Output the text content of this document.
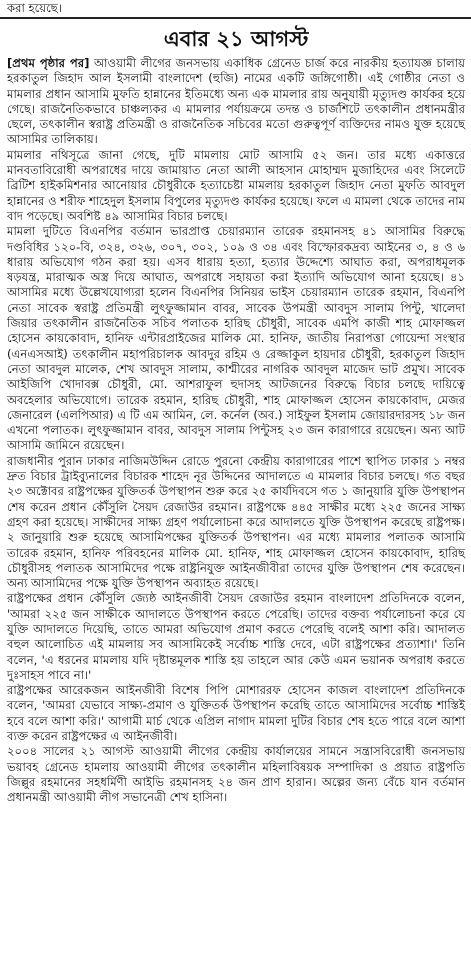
করা হয়েছে।
এবার ২১ আগস্ট

[প্রথম পৃষ্ঠার পর] আওয়ামী লীগের জনসভায় একাধিক গ্রেনেড চার্জ করে নারকীয় হত্যাযজ্ঞ চালায় হরকাতুল জিহাদ আল ইসলামী বাংলাদেশ (হুজি) নামের একটি জঙ্গিগোষ্ঠী। এই গোষ্ঠীর নেতা ও মামলার প্রধান আসামি মুফতি হান্নানের ইতিমধ্যে অন্য এক মামলার রায় অনুযায়ী মৃত্যুদণ্ড কার্যকর হয়ে গেছে। রাজনৈতিকভাবে চাঞ্চল্যকর এ মামলার পর্যায়ক্রমে তদন্ত ও চার্জশিটে তৎকালীন প্রধানমন্ত্রীর ছেলে, তৎকালীন স্বরাষ্ট্র প্রতিমন্ত্রী ও রাজনৈতিক সচিবের মতো গুরুত্বপূর্ণ ব্যক্তিদের নামও যুক্ত হয়েছে আসামির তালিকায়।

মামলার নথিসূত্রে জানা গেছে, দুটি মামলায় মোট আসামি ৫২ জন। তার মধ্যে একাত্তরে মানবতাবিরোধী অপরাধের দায়ে জামায়াত নেতা আলী আহসান মোহাম্মদ মুজাহিদের এবং সিলেটে ব্রিটিশ হাইকমিশনার আনোয়ার চৌধুরীকে হত্যাচেষ্টা মামলায় হরকাতুল জিহাদ নেতা মুফতি আবদুল হান্নানের ও শরীফ শাহেদুল ইসলাম বিপুলের মৃত্যুদণ্ড কার্যকর হয়েছে। ফলে এ মামলা থেকে তাদের নাম বাদ পড়েছে। অবশিষ্ট ৪৯ আসামির বিচার চলছে।

মামলা দুটিতে বিএনপির বর্তমান ভারপ্রাপ্ত চেয়ারম্যান তারেক রহমানসহ ৪১ আসামির বিরুদ্ধে দণ্ডবিধির ১২০-বি, ৩২৪, ৩২৬, ৩০৭, ৩০২, ১০৯ ও ৩৪ এবং বিস্ফোরকদ্রব্য আইনের ৩, ৪ ও ৬ ধারায় অভিযোগ গঠন করা হয়। এসব ধারায় হত্যা, হত্যার উদ্দেশ্যে আঘাত করা, অপরাধমূলক ষড়যন্ত্র, মারাত্মক অস্ত্র দিয়ে আঘাত, অপরাধে সহায়তা করা ইত্যাদি অভিযোগ আনা হয়েছে। ৪১ আসামির মধ্যে উল্লেখযোগ্যরা হলেন বিএনপির সিনিয়র ভাইস চেয়ারম্যান তারেক রহমান, বিএনপি নেতা সাবেক স্বরাষ্ট্র প্রতিমন্ত্রী লুৎফুজ্জামান বাবর, সাবেক উপমন্ত্রী আবদুস সালাম পিন্টু, খালেদা জিয়ার তৎকালীন রাজনৈতিক সচিব পলাতক হারিছ চৌধুরী, সাবেক এমপি কাজী শাহ মোফাজ্জল হোসেন কায়কোবাদ, হানিফ এন্টারপ্রাইজের মালিক মো. হানিফ, জাতীয় নিরাপত্তা গোয়েন্দা সংস্থার (এনএসআই) তৎকালীন মহাপরিচালক আবদুর রহিম ও রেজ্জাকুল হায়দার চৌধুরী, হরকাতুল জিহাদ নেতা আবদুল মালেক, শেখ আবদুস সালাম, কাশ্মীরের নাগরিক আবদুল মাজেদ ভাট প্রমুখ। সাবেক আইজিপি খোদাবক্স চৌধুরী, মো. আশরাফুল হুদাসহ আটজনের বিরুদ্ধে বিচার চলছে দায়িত্বে অবহেলার অভিযোগে। তারেক রহমান, হারিছ চৌধুরী, শাহ মোফাজ্জল হোসেন কায়কোবাদ, মেজর জেনারেল (এলপিআর) এ টি এম আমিন, লে. কর্নেল (অব.) সাইফুল ইসলাম জোয়ারদারসহ ১৮ জন এখনো পলাতক। লুৎফুজ্জামান বাবর, আবদুস সালাম পিন্টুসহ ২৩ জন কারাগারে রয়েছেন। অন্য আট আসামি জামিনে রয়েছেন।

রাজধানীর পুরান ঢাকার নাজিমউদ্দিন রোডে পুরনো কেন্দ্রীয় কারাগারের পাশে স্থাপিত ঢাকার ১ নম্বর দ্রুত বিচার ট্রাইব্যুনালের বিচারক শাহেদ নূর উদ্দিনের আদালতে এ মামলার বিচার চলছে। গত বছর ২৩ অক্টোবর রাষ্ট্রপক্ষের যুক্তিতর্ক উপস্থাপন শুরু করে ২৫ কার্যদিবসে গত ১ জানুয়ারি যুক্তি উপস্থাপন শেষ করেন প্রধান কৌঁসুলি সৈয়দ রেজাউর রহমান। রাষ্ট্রপক্ষে ৪৪৫ সাক্ষীর মধ্যে ২২৫ জনের সাক্ষ্য গ্রহণ করা হয়েছে। সাক্ষীদের সাক্ষ্য গ্রহণ পর্যালোচনা করে আদালতে যুক্তি উপস্থাপন করেছে রাষ্ট্রপক্ষ। ২ জানুয়ারি শুরু হয়েছে আসামিপক্ষের যুক্তিতর্ক উপস্থাপন। এর মধ্যে মামলার পলাতক আসামি তারেক রহমান, হানিফ পরিবহনের মালিক মো. হানিফ, শাহ মোফাজ্জল হোসেন কায়কোবাদ, হারিছ চৌধুরীসহ পলাতক আসামিদের পক্ষে রাষ্ট্রনিযুক্ত আইনজীবীরা তাদের যুক্তি উপস্থাপন শেষ করেছেন। অন্য আসামিদের পক্ষে যুক্তি উপস্থাপন অব্যাহত রয়েছে।

রাষ্ট্রপক্ষের প্রধান কৌঁসুলি জ্যেষ্ঠ আইনজীবী সৈয়দ রেজাউর রহমান বাংলাদেশ প্রতিদিনকে বলেন, 'আমরা ২২৫ জন সাক্ষীকে আদালতে উপস্থাপন করতে পেরেছি। তাদের বক্তব্য পর্যালোচনা করে যে যুক্তি আদালতে দিয়েছি, তাতে আমরা অভিযোগ প্রমাণ করতে পেরেছি বলেই আশা করি। আদালত বহুল আলোচিত এই মামলায় সব আসামিকেই সর্বোচ্চ শাস্তি দেবে, এটা রাষ্ট্রপক্ষের প্রত্যাশা।' তিনি বলেন, 'এ ধরনের মামলায় যদি দৃষ্টান্তমূলক শাস্তি হয় তাহলে আর কেউ এমন ভয়ানক অপরাধ করতে দুঃসাহস পাবে না।'

রাষ্ট্রপক্ষের আরেকজন আইনজীবী বিশেষ পিপি মোশাররফ হোসেন কাজল বাংলাদেশ প্রতিদিনকে বলেন, 'আমরা যেভাবে সাক্ষ্য-প্রমাণ ও যুক্তিতর্ক উপস্থাপন করেছি তাতে আসামিদের সর্বোচ্চ শাস্তিই হবে বলে আশা করি।' আগামী মার্চ থেকে এপ্রিল নাগাদ মামলা দুটির বিচার শেষ হতে পারে বলে আশা ব্যক্ত করেন রাষ্ট্রপক্ষের এ আইনজীবী।

২০০৪ সালের ২১ আগস্ট আওয়ামী লীগের কেন্দ্রীয় কার্যালয়ের সামনে সন্ত্রাসবিরোধী জনসভায় ভয়াবহ গ্রেনেড হামলায় আওয়ামী লীগের তৎকালীন মহিলাবিষয়ক সম্পাদিকা ও প্রয়াত রাষ্ট্রপতি জিল্লুর রহমানের সহধর্মিণী আইভি রহমানসহ ২৪ জন প্রাণ হারান। অল্পের জন্য বেঁচে যান বর্তমান প্রধানমন্ত্রী আওয়ামী লীগ সভানেত্রী শেখ হাসিনা।
